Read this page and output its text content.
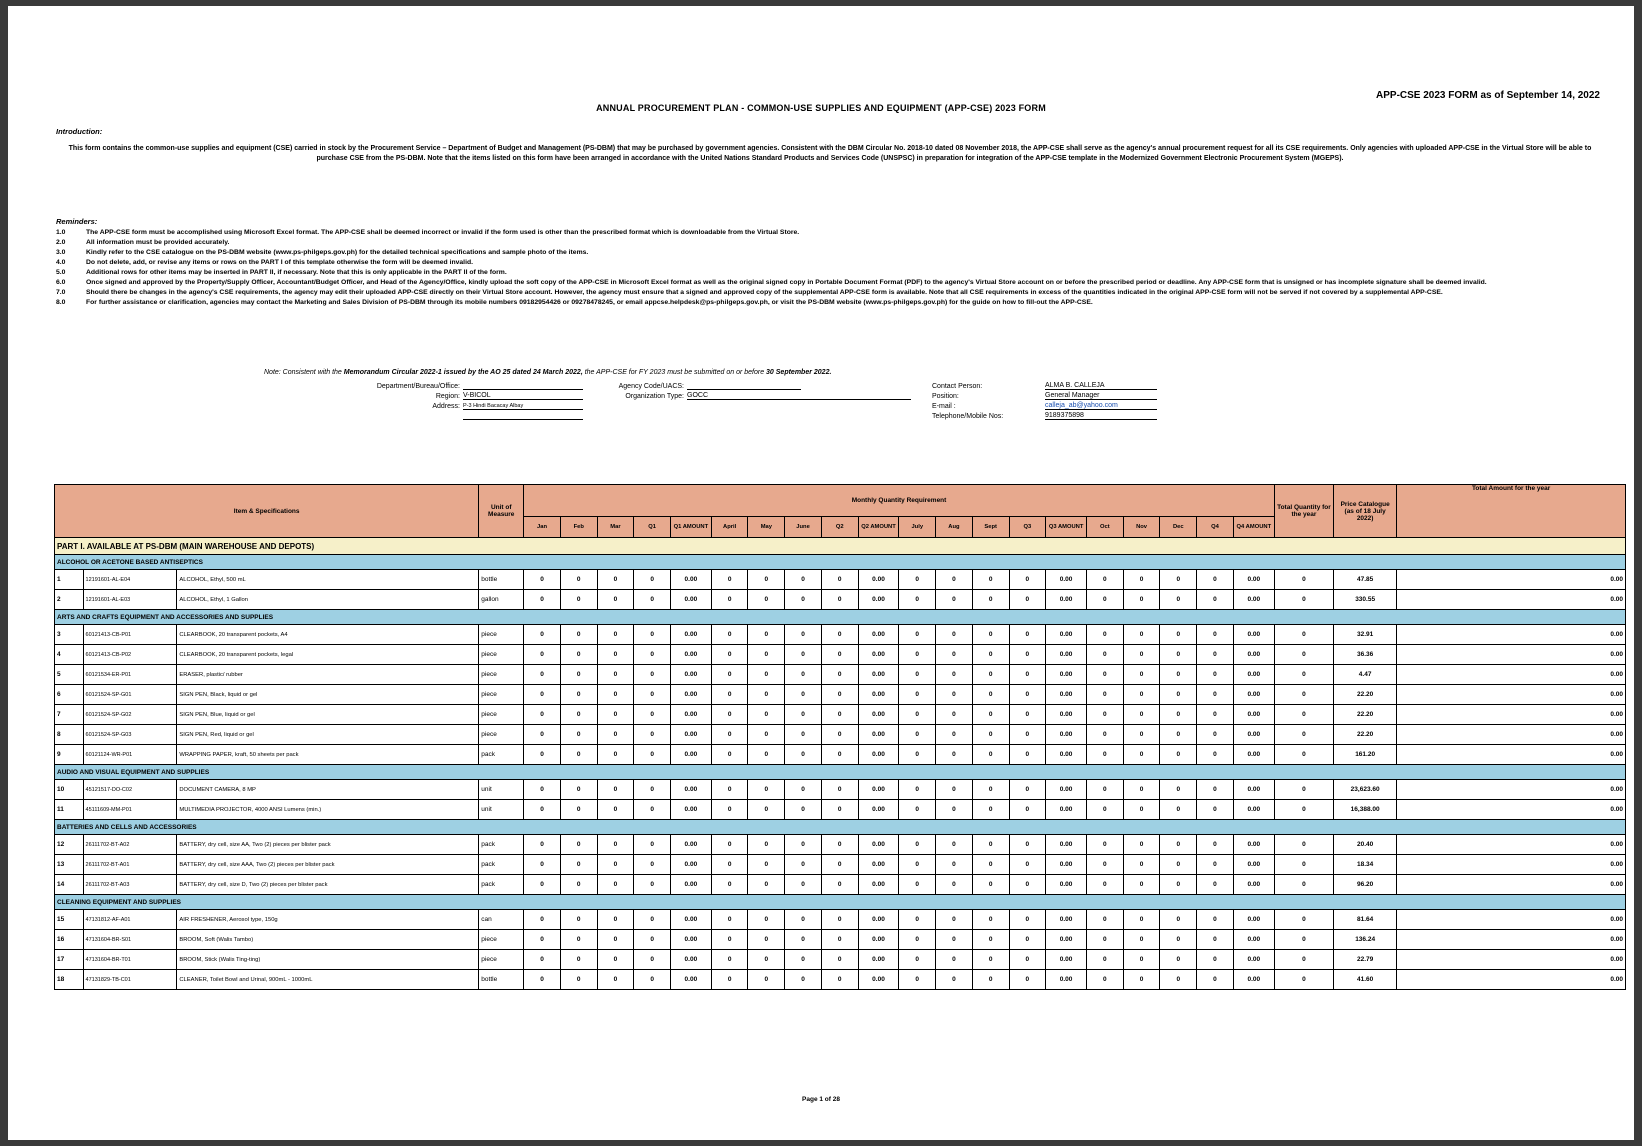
APP-CSE 2023 FORM as of September 14, 2022
ANNUAL PROCUREMENT PLAN - COMMON-USE SUPPLIES AND EQUIPMENT (APP-CSE) 2023 FORM
Introduction:
This form contains the common-use supplies and equipment (CSE) carried in stock by the Procurement Service – Department of Budget and Management (PS-DBM) that may be purchased by government agencies. Consistent with the DBM Circular No. 2018-10 dated 08 November 2018, the APP-CSE shall serve as the agency's annual procurement request for all its CSE requirements. Only agencies with uploaded APP-CSE in the Virtual Store will be able to purchase CSE from the PS-DBM. Note that the items listed on this form have been arranged in accordance with the United Nations Standard Products and Services Code (UNSPSC) in preparation for integration of the APP-CSE template in the Modernized Government Electronic Procurement System (MGEPS).
Reminders:
1.0	The APP-CSE form must be accomplished using Microsoft Excel format. The APP-CSE shall be deemed incorrect or invalid if the form used is other than the prescribed format which is downloadable from the Virtual Store.
2.0	All information must be provided accurately.
3.0	Kindly refer to the CSE catalogue on the PS-DBM website (www.ps-philgeps.gov.ph) for the detailed technical specifications and sample photo of the items.
4.0	Do not delete, add, or revise any items or rows on the PART I of this template otherwise the form will be deemed invalid.
5.0	Additional rows for other items may be inserted in PART II, if necessary. Note that this is only applicable in the PART II of the form.
6.0	Once signed and approved by the Property/Supply Officer, Accountant/Budget Officer, and Head of the Agency/Office, kindly upload the soft copy of the APP-CSE in Microsoft Excel format as well as the original signed copy in Portable Document Format (PDF) to the agency's Virtual Store account on or before the prescribed period or deadline. Any APP-CSE form that is unsigned or has incomplete signature shall be deemed invalid.
7.0	Should there be changes in the agency's CSE requirements, the agency may edit their uploaded APP-CSE directly on their Virtual Store account. However, the agency must ensure that a signed and approved copy of the supplemental APP-CSE form is available. Note that all CSE requirements in excess of the quantities indicated in the original APP-CSE form will not be served if not covered by a supplemental APP-CSE.
8.0	For further assistance or clarification, agencies may contact the Marketing and Sales Division of PS-DBM through its mobile numbers 09182954426 or 09278478245, or email appcse.helpdesk@ps-philgeps.gov.ph, or visit the PS-DBM website (www.ps-philgeps.gov.ph) for the guide on how to fill-out the APP-CSE.
Note: Consistent with the Memorandum Circular 2022-1 issued by the AO 25 dated 24 March 2022, the APP-CSE for FY 2023 must be submitted on or before 30 September 2022.
Department/Bureau/Office:
Region: V-BICOL
Address: P-3 Hindi Bacacay Albay
Agency Code/UACS:
Organization Type: GOCC
Contact Person:	ALMA B. CALLEJA
Position:	General Manager
E-mail :	calleja_ab@yahoo.com
Telephone/Mobile Nos:	9189375898
Item & Specifications			Unit of Measure	Monthly Quantity Requirement																				Total Quantity for the year	Price Catalogue (as of 18 July 2022)	Total Amount for the year
				Jan	Feb	Mar	Q1	Q1 AMOUNT	April	May	June	Q2	Q2 AMOUNT	July	Aug	Sept	Q3	Q3 AMOUNT	Oct	Nov	Dec	Q4	Q4 AMOUNT			
PART I. AVAILABLE AT PS-DBM (MAIN WAREHOUSE AND DEPOTS)																										
ALCOHOL OR ACETONE BASED ANTISEPTICS																										
1	12191601-AL-E04	ALCOHOL, Ethyl, 500 mL	bottle	0	0	0	0	0.00	0	0	0	0	0.00	0	0	0	0	0.00	0	0	0	0	0.00	0	47.85	0.00
2	12191601-AL-E03	ALCOHOL, Ethyl, 1 Gallon	gallon	0	0	0	0	0.00	0	0	0	0	0.00	0	0	0	0	0.00	0	0	0	0	0.00	0	330.55	0.00
ARTS AND CRAFTS EQUIPMENT AND ACCESSORIES AND SUPPLIES																										
3	60121413-CB-P01	CLEARBOOK, 20 transparent pockets, A4	piece	0	0	0	0	0.00	0	0	0	0	0.00	0	0	0	0	0.00	0	0	0	0	0.00	0	32.91	0.00
4	60121413-CB-P02	CLEARBOOK, 20 transparent pockets, legal	piece	0	0	0	0	0.00	0	0	0	0	0.00	0	0	0	0	0.00	0	0	0	0	0.00	0	36.36	0.00
5	60121534-ER-P01	ERASER, plastic/ rubber	piece	0	0	0	0	0.00	0	0	0	0	0.00	0	0	0	0	0.00	0	0	0	0	0.00	0	4.47	0.00
6	60121524-SP-G01	SIGN PEN, Black, liquid or gel	piece	0	0	0	0	0.00	0	0	0	0	0.00	0	0	0	0	0.00	0	0	0	0	0.00	0	22.20	0.00
7	60121524-SP-G02	SIGN PEN, Blue, liquid or gel	piece	0	0	0	0	0.00	0	0	0	0	0.00	0	0	0	0	0.00	0	0	0	0	0.00	0	22.20	0.00
8	60121524-SP-G03	SIGN PEN, Red, liquid or gel	piece	0	0	0	0	0.00	0	0	0	0	0.00	0	0	0	0	0.00	0	0	0	0	0.00	0	22.20	0.00
9	60121124-WR-P01	WRAPPING PAPER, kraft, 50 sheets per pack	pack	0	0	0	0	0.00	0	0	0	0	0.00	0	0	0	0	0.00	0	0	0	0	0.00	0	161.20	0.00
AUDIO AND VISUAL EQUIPMENT AND SUPPLIES																										
10	45121517-DO-C02	DOCUMENT CAMERA, 8 MP	unit	0	0	0	0	0.00	0	0	0	0	0.00	0	0	0	0	0.00	0	0	0	0	0.00	0	23,623.60	0.00
11	45111609-MM-P01	MULTIMEDIA PROJECTOR, 4000 ANSI Lumens (min.)	unit	0	0	0	0	0.00	0	0	0	0	0.00	0	0	0	0	0.00	0	0	0	0	0.00	0	16,388.00	0.00
BATTERIES AND CELLS AND ACCESSORIES																										
12	26111702-BT-A02	BATTERY, dry cell, size AA, Two (2) pieces per blister pack	pack	0	0	0	0	0.00	0	0	0	0	0.00	0	0	0	0	0.00	0	0	0	0	0.00	0	20.40	0.00
13	26111702-BT-A01	BATTERY, dry cell, size AAA, Two (2) pieces per blister pack	pack	0	0	0	0	0.00	0	0	0	0	0.00	0	0	0	0	0.00	0	0	0	0	0.00	0	18.34	0.00
14	26111702-BT-A03	BATTERY, dry cell, size D, Two (2) pieces per blister pack	pack	0	0	0	0	0.00	0	0	0	0	0.00	0	0	0	0	0.00	0	0	0	0	0.00	0	96.20	0.00
CLEANING EQUIPMENT AND SUPPLIES																										
15	47131812-AF-A01	AIR FRESHENER, Aerosol type, 150g	can	0	0	0	0	0.00	0	0	0	0	0.00	0	0	0	0	0.00	0	0	0	0	0.00	0	81.64	0.00
16	47131604-BR-S01	BROOM, Soft (Walis Tambo)	piece	0	0	0	0	0.00	0	0	0	0	0.00	0	0	0	0	0.00	0	0	0	0	0.00	0	136.24	0.00
17	47131604-BR-T01	BROOM, Stick (Walis Ting-ting)	piece	0	0	0	0	0.00	0	0	0	0	0.00	0	0	0	0	0.00	0	0	0	0	0.00	0	22.79	0.00
18	47131829-TB-C01	CLEANER, Toilet Bowl and Urinal, 900mL - 1000mL	bottle	0	0	0	0	0.00	0	0	0	0	0.00	0	0	0	0	0.00	0	0	0	0	0.00	0	41.60	0.00
Page 1 of 28
